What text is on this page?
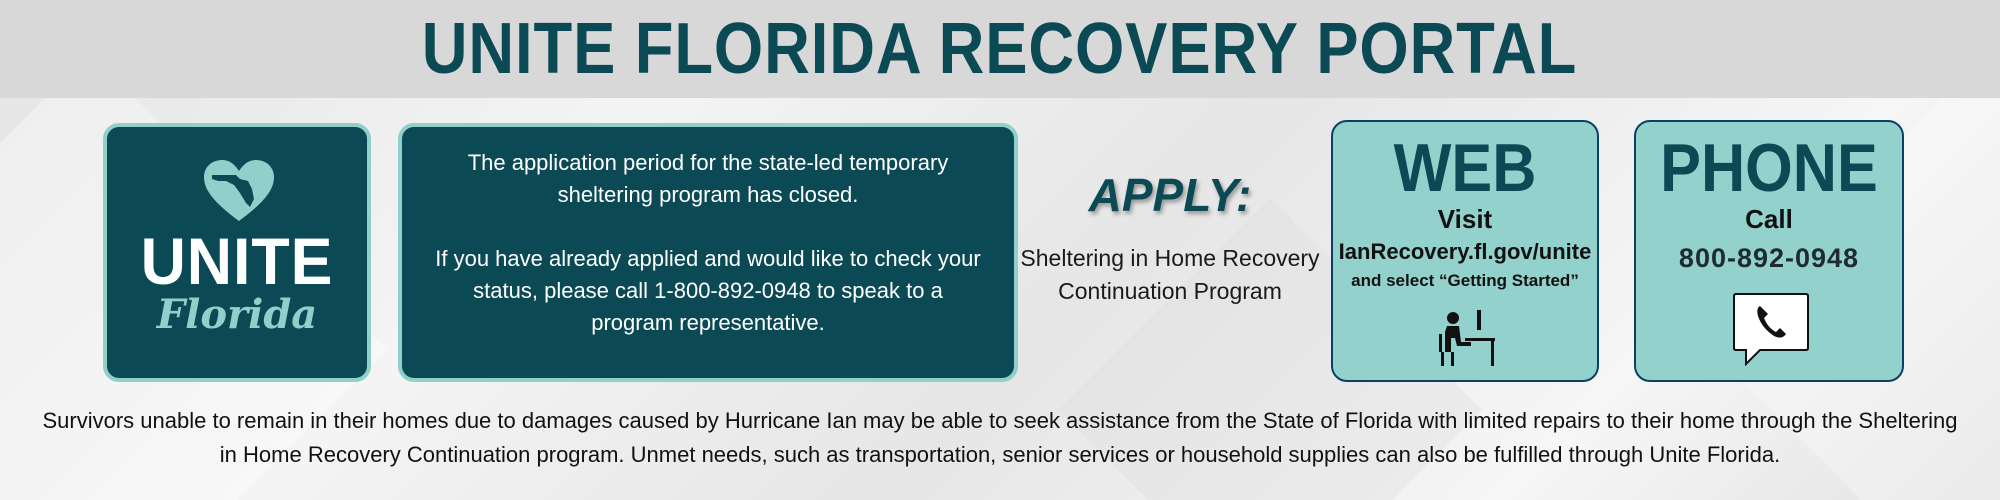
UNITE FLORIDA RECOVERY PORTAL
UNITE
Florida

The application period for the state-led temporary sheltering program has closed.

If you have already applied and would like to check your status, please call 1-800-892-0948 to speak to a program representative.

APPLY:
Sheltering in Home Recovery Continuation Program
WEB
Visit
IanRecovery.fl.gov/unite
and select “Getting Started”
PHONE
Call
800-892-0948
Survivors unable to remain in their homes due to damages caused by Hurricane Ian may be able to seek assistance from the State of Florida with limited repairs to their home through the Sheltering in Home Recovery Continuation program. Unmet needs, such as transportation, senior services or household supplies can also be fulfilled through Unite Florida.
